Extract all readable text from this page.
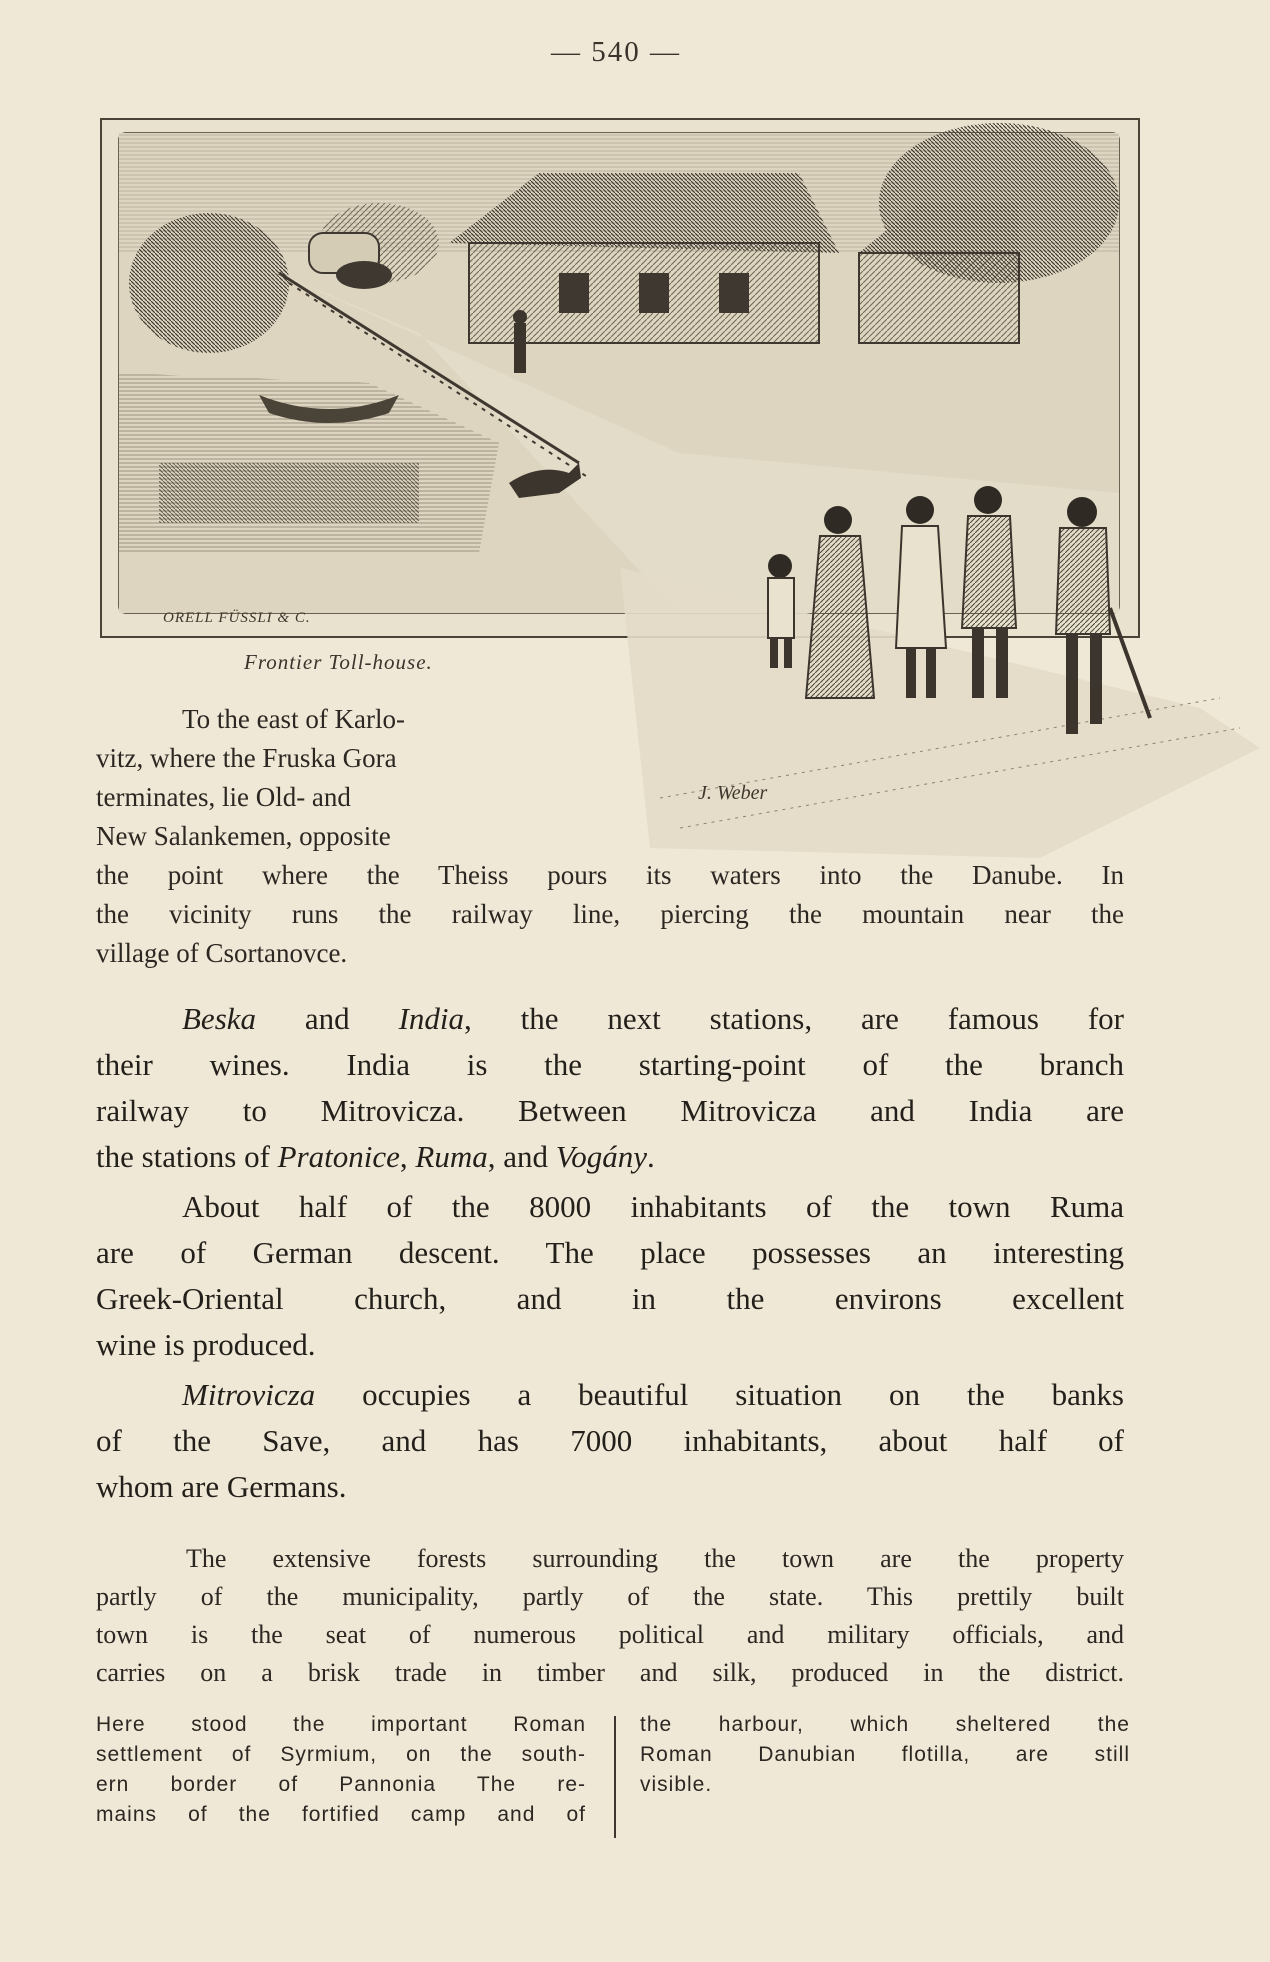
— 540 —
ORELL FÜSSLI & C.
J. Weber
Frontier Toll-house.
To the east of Karlo-
vitz, where the Fruska Gora
terminates, lie Old- and
New Salankemen, opposite
the point where the Theiss pours its waters into the Danube. In
the vicinity runs the railway line, piercing the mountain near the
village of Csortanovce.

Beska and India, the next stations, are famous for
their wines. India is the starting-point of the branch
railway to Mitrovicza. Between Mitrovicza and India are
the stations of Pratonice, Ruma, and Vogány.

About half of the 8000 inhabitants of the town Ruma
are of German descent. The place possesses an interesting
Greek-Oriental church, and in the environs excellent
wine is produced.

Mitrovicza occupies a beautiful situation on the banks
of the Save, and has 7000 inhabitants, about half of
whom are Germans.

The extensive forests surrounding the town are the property
partly of the municipality, partly of the state. This prettily built
town is the seat of numerous political and military officials, and
carries on a brisk trade in timber and silk, produced in the district.
Here stood the important Roman
settlement of Syrmium, on the south-
ern border of Pannonia The re-
mains of the fortified camp and of
the harbour, which sheltered the
Roman Danubian flotilla, are still
visible.
